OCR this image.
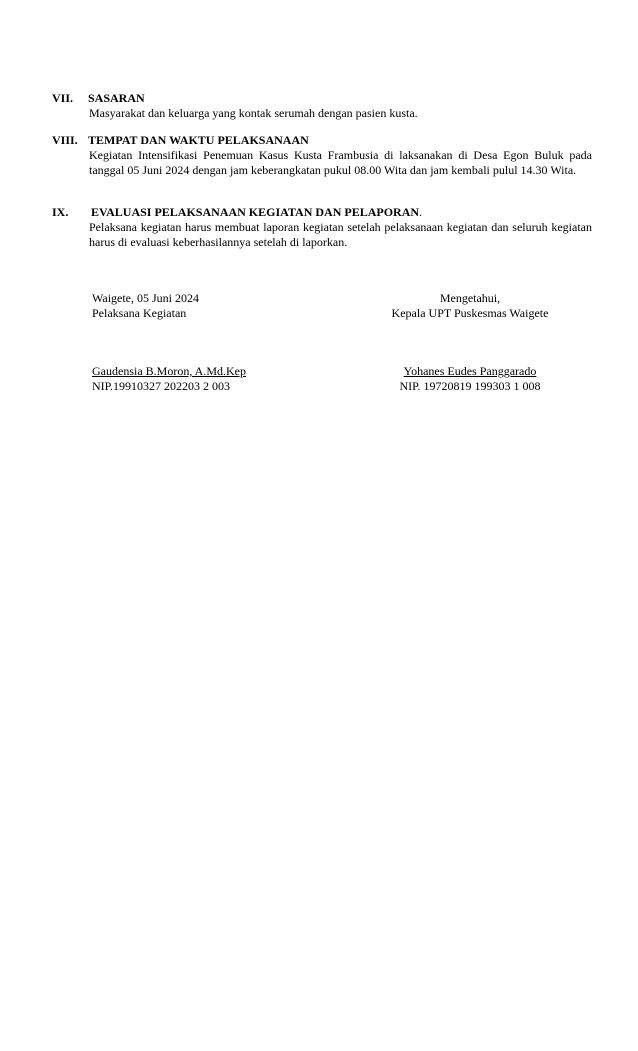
VII.	SASARAN

Masyarakat dan keluarga yang kontak serumah dengan pasien kusta.

VIII. TEMPAT DAN WAKTU PELAKSANAAN

Kegiatan Intensifikasi Penemuan Kasus Kusta Frambusia di laksanakan di Desa Egon Buluk pada tanggal 05 Juni 2024 dengan jam keberangkatan pukul 08.00 Wita dan jam kembali pulul 14.30 Wita.

IX.	EVALUASI PELAKSANAAN KEGIATAN DAN PELAPORAN.

Pelaksana kegiatan harus membuat laporan kegiatan setelah pelaksanaan kegiatan dan seluruh kegiatan harus di evaluasi keberhasilannya setelah di laporkan.

Waigete, 05 Juni 2024
Pelaksana Kegiatan
Mengetahui,
Kepala UPT Puskesmas Waigete
Gaudensia B.Moron, A.Md.Kep
NIP.19910327 202203 2 003
Yohanes Eudes Panggarado
NIP. 19720819 199303 1 008
